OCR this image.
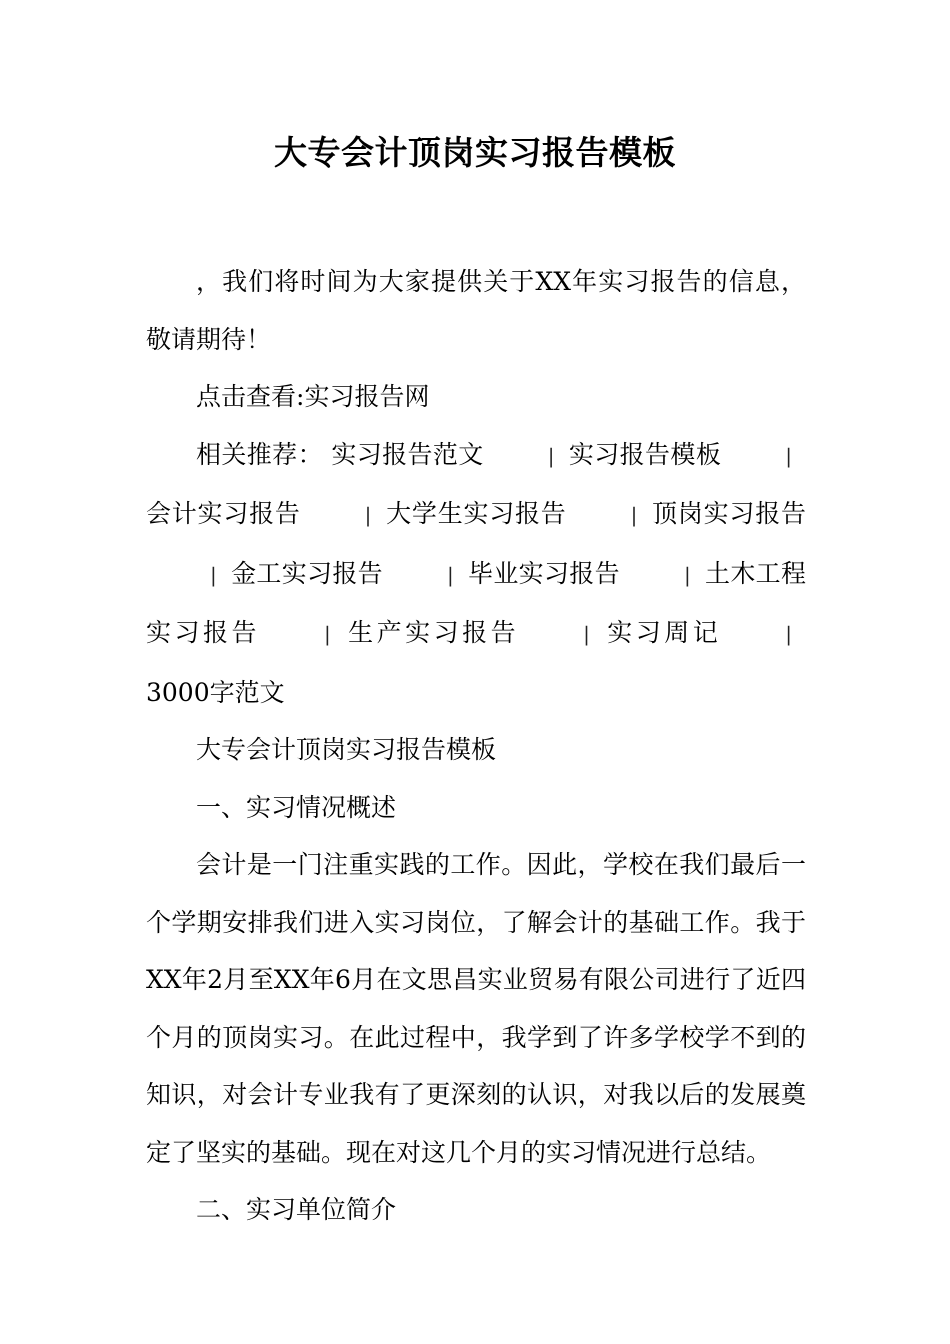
大专会计顶岗实习报告模板

，我们将时间为大家提供关于XX年实习报告的信息，敬请期待！

点击查看:实习报告网

相关推荐： 实习报告范文	| 实习报告模板	|会计实习报告	| 大学生实习报告	| 顶岗实习报告| 金工实习报告	| 毕业实习报告	| 土木工程实习报告	| 生产实习报告	| 实习周记	|3000字范文

大专会计顶岗实习报告模板

一、实习情况概述

会计是一门注重实践的工作。因此，学校在我们最后一个学期安排我们进入实习岗位，了解会计的基础工作。我于XX年2月至XX年6月在文思昌实业贸易有限公司进行了近四个月的顶岗实习。在此过程中，我学到了许多学校学不到的知识，对会计专业我有了更深刻的认识，对我以后的发展奠定了坚实的基础。现在对这几个月的实习情况进行总结。

二、实习单位简介
